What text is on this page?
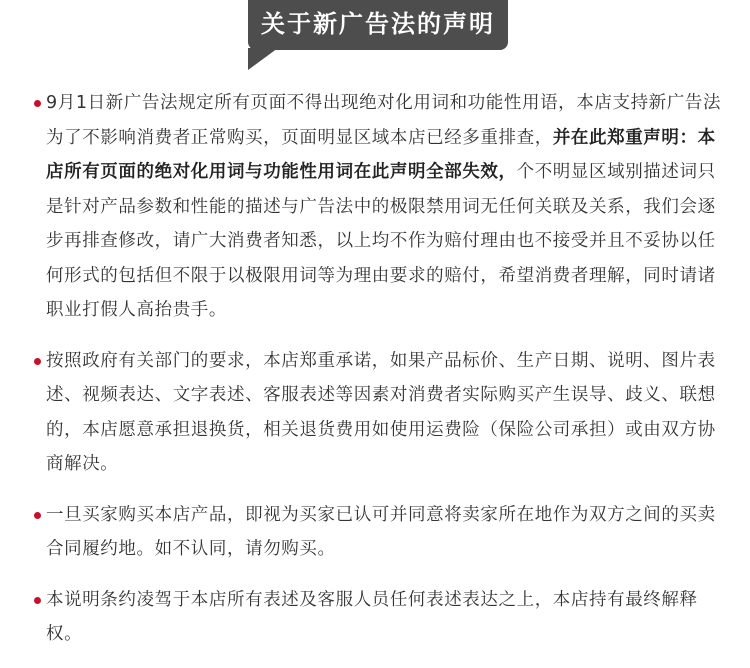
关于新广告法的声明
9月1日新广告法规定所有页面不得出现绝对化用词和功能性用语，本店支持新广告法为了不影响消费者正常购买，页面明显区域本店已经多重排查，并在此郑重声明：本店所有页面的绝对化用词与功能性用词在此声明全部失效，个不明显区域别描述词只是针对产品参数和性能的描述与广告法中的极限禁用词无任何关联及关系，我们会逐步再排查修改，请广大消费者知悉，以上均不作为赔付理由也不接受并且不妥协以任何形式的包括但不限于以极限用词等为理由要求的赔付，希望消费者理解，同时请诸职业打假人高抬贵手。
按照政府有关部门的要求，本店郑重承诺，如果产品标价、生产日期、说明、图片表述、视频表达、文字表述、客服表述等因素对消费者实际购买产生误导、歧义、联想的，本店愿意承担退换货，相关退货费用如使用运费险（保险公司承担）或由双方协商解决。
一旦买家购买本店产品，即视为买家已认可并同意将卖家所在地作为双方之间的买卖合同履约地。如不认同，请勿购买。
本说明条约凌驾于本店所有表述及客服人员任何表述表达之上，本店持有最终解释权。
